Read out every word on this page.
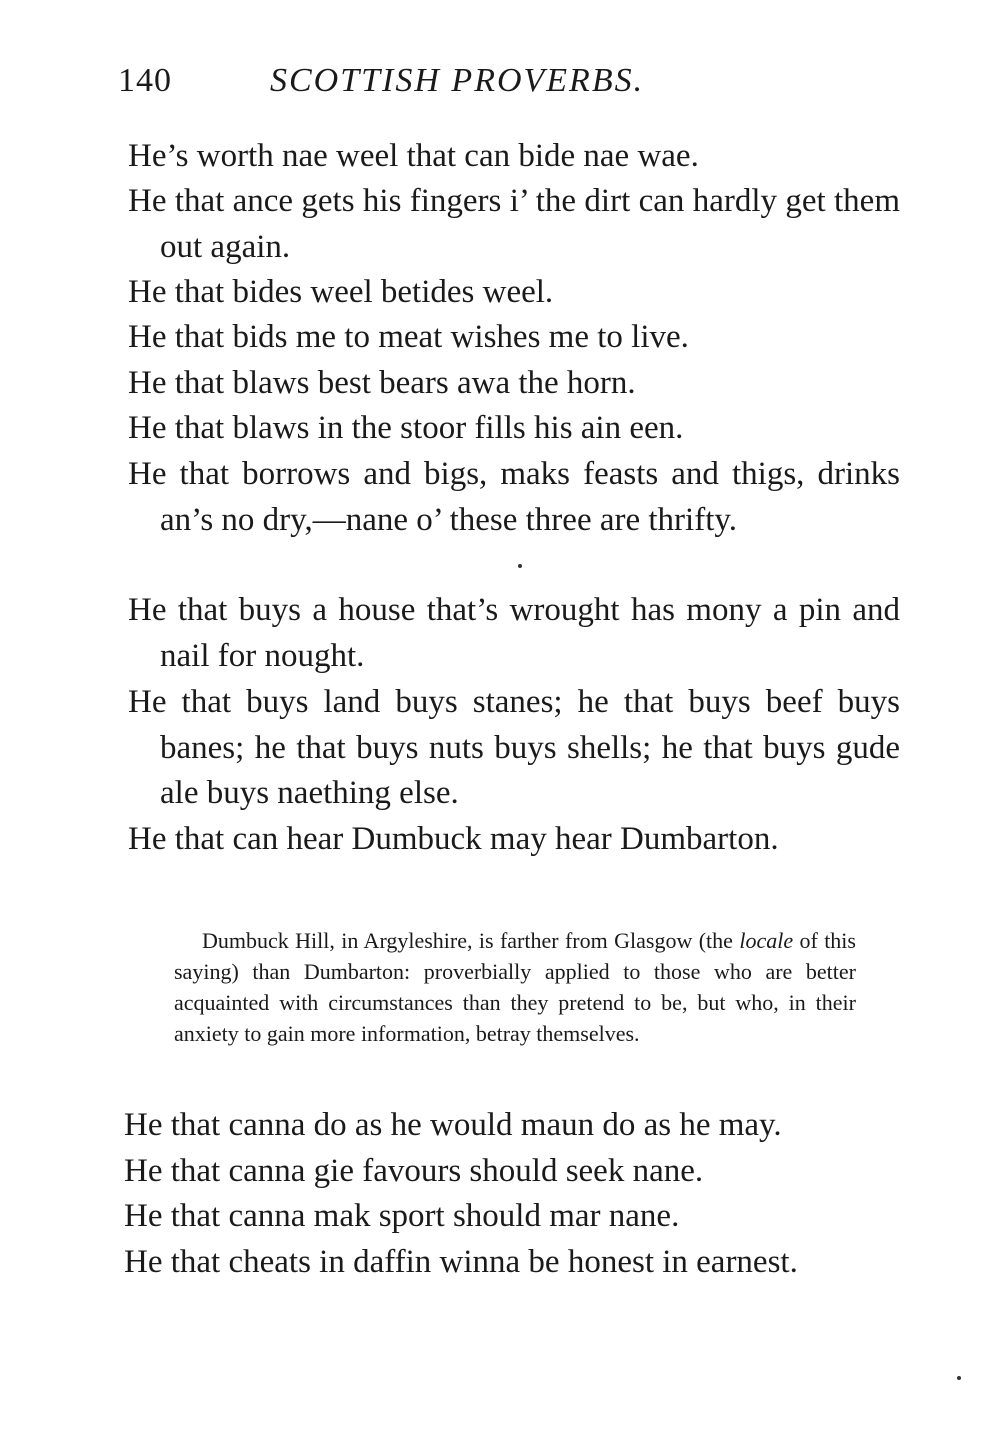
140	SCOTTISH PROVERBS.

He’s worth nae weel that can bide nae wae.

He that ance gets his fingers i’ the dirt can hardly get them out again.

He that bides weel betides weel.

He that bids me to meat wishes me to live.

He that blaws best bears awa the horn.

He that blaws in the stoor fills his ain een.

He that borrows and bigs, maks feasts and thigs, drinks an’s no dry,—nane o’ these three are thrifty.

He that buys a house that’s wrought has mony a pin and nail for nought.

He that buys land buys stanes; he that buys beef buys banes; he that buys nuts buys shells; he that buys gude ale buys naething else.

He that can hear Dumbuck may hear Dumbarton.

Dumbuck Hill, in Argyleshire, is farther from Glasgow (the locale of this saying) than Dumbarton: proverbially applied to those who are better acquainted with circumstances than they pretend to be, but who, in their anxiety to gain more information, betray themselves.

He that canna do as he would maun do as he may.

He that canna gie favours should seek nane.

He that canna mak sport should mar nane.

He that cheats in daffin winna be honest in earnest.
